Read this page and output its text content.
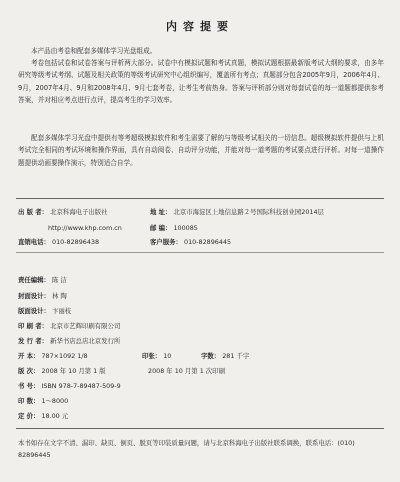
内容提要
本产品由考卷和配套多媒体学习光盘组成。
考卷包括试卷和试卷答案与评析两大部分。试卷中有模拟试题和考试真题，模拟试题根据最新版考试大纲的要求，由多年研究等级考试考纲、试题及相关政策的等级考试研究中心组织编写，覆盖所有考点；真题部分包含2005年9月，2006年4月、9月，2007年4月、9月和2008年4月、9月七套考卷，让考生考前热身。答案与评析部分则对每套试卷的每一道题都提供参考答案，并对相应考点进行点评，提高考生的学习效率。
配套多媒体学习光盘中提供有等考超级模拟软件和考生需要了解的与等级考试相关的一切信息。超级模拟软件提供与上机考试完全相同的考试环境和操作界面，具有自动阅卷、自动评分功能，并能对每一道考题的考试要点进行评析。对每一道操作题提供动画要操作演示，特别适合自学。
出 版 者： 北京科海电子出版社	地 址： 北京市海淀区上地信息路２号国际科技创业园2014层
http://www.khp.com.cn	邮 编： 100085
直销电话： 010-82896438	客户服务： 010-82896445
责任编辑： 陈 洁
封面设计： 林 陶
版面设计： 卞丽枝
印 刷 者： 北京市艺辉印刷有限公司
发 行 者： 新华书店总店北京发行所
开 本： 787×1092 1/8	印张： 10	字数： 281 千字
版 次： 2008 年 10 月第 1 版	2008 年 10 月第 1 次印刷
书 号： ISBN 978-7-89487-509-9
印 数： 1～8000
定 价： 18.00 元
本书如存在文字不清、漏印、缺页、倒页、脱页等印装质量问题，请与北京科海电子出版社联系调换，联系电话：(010) 82896445
